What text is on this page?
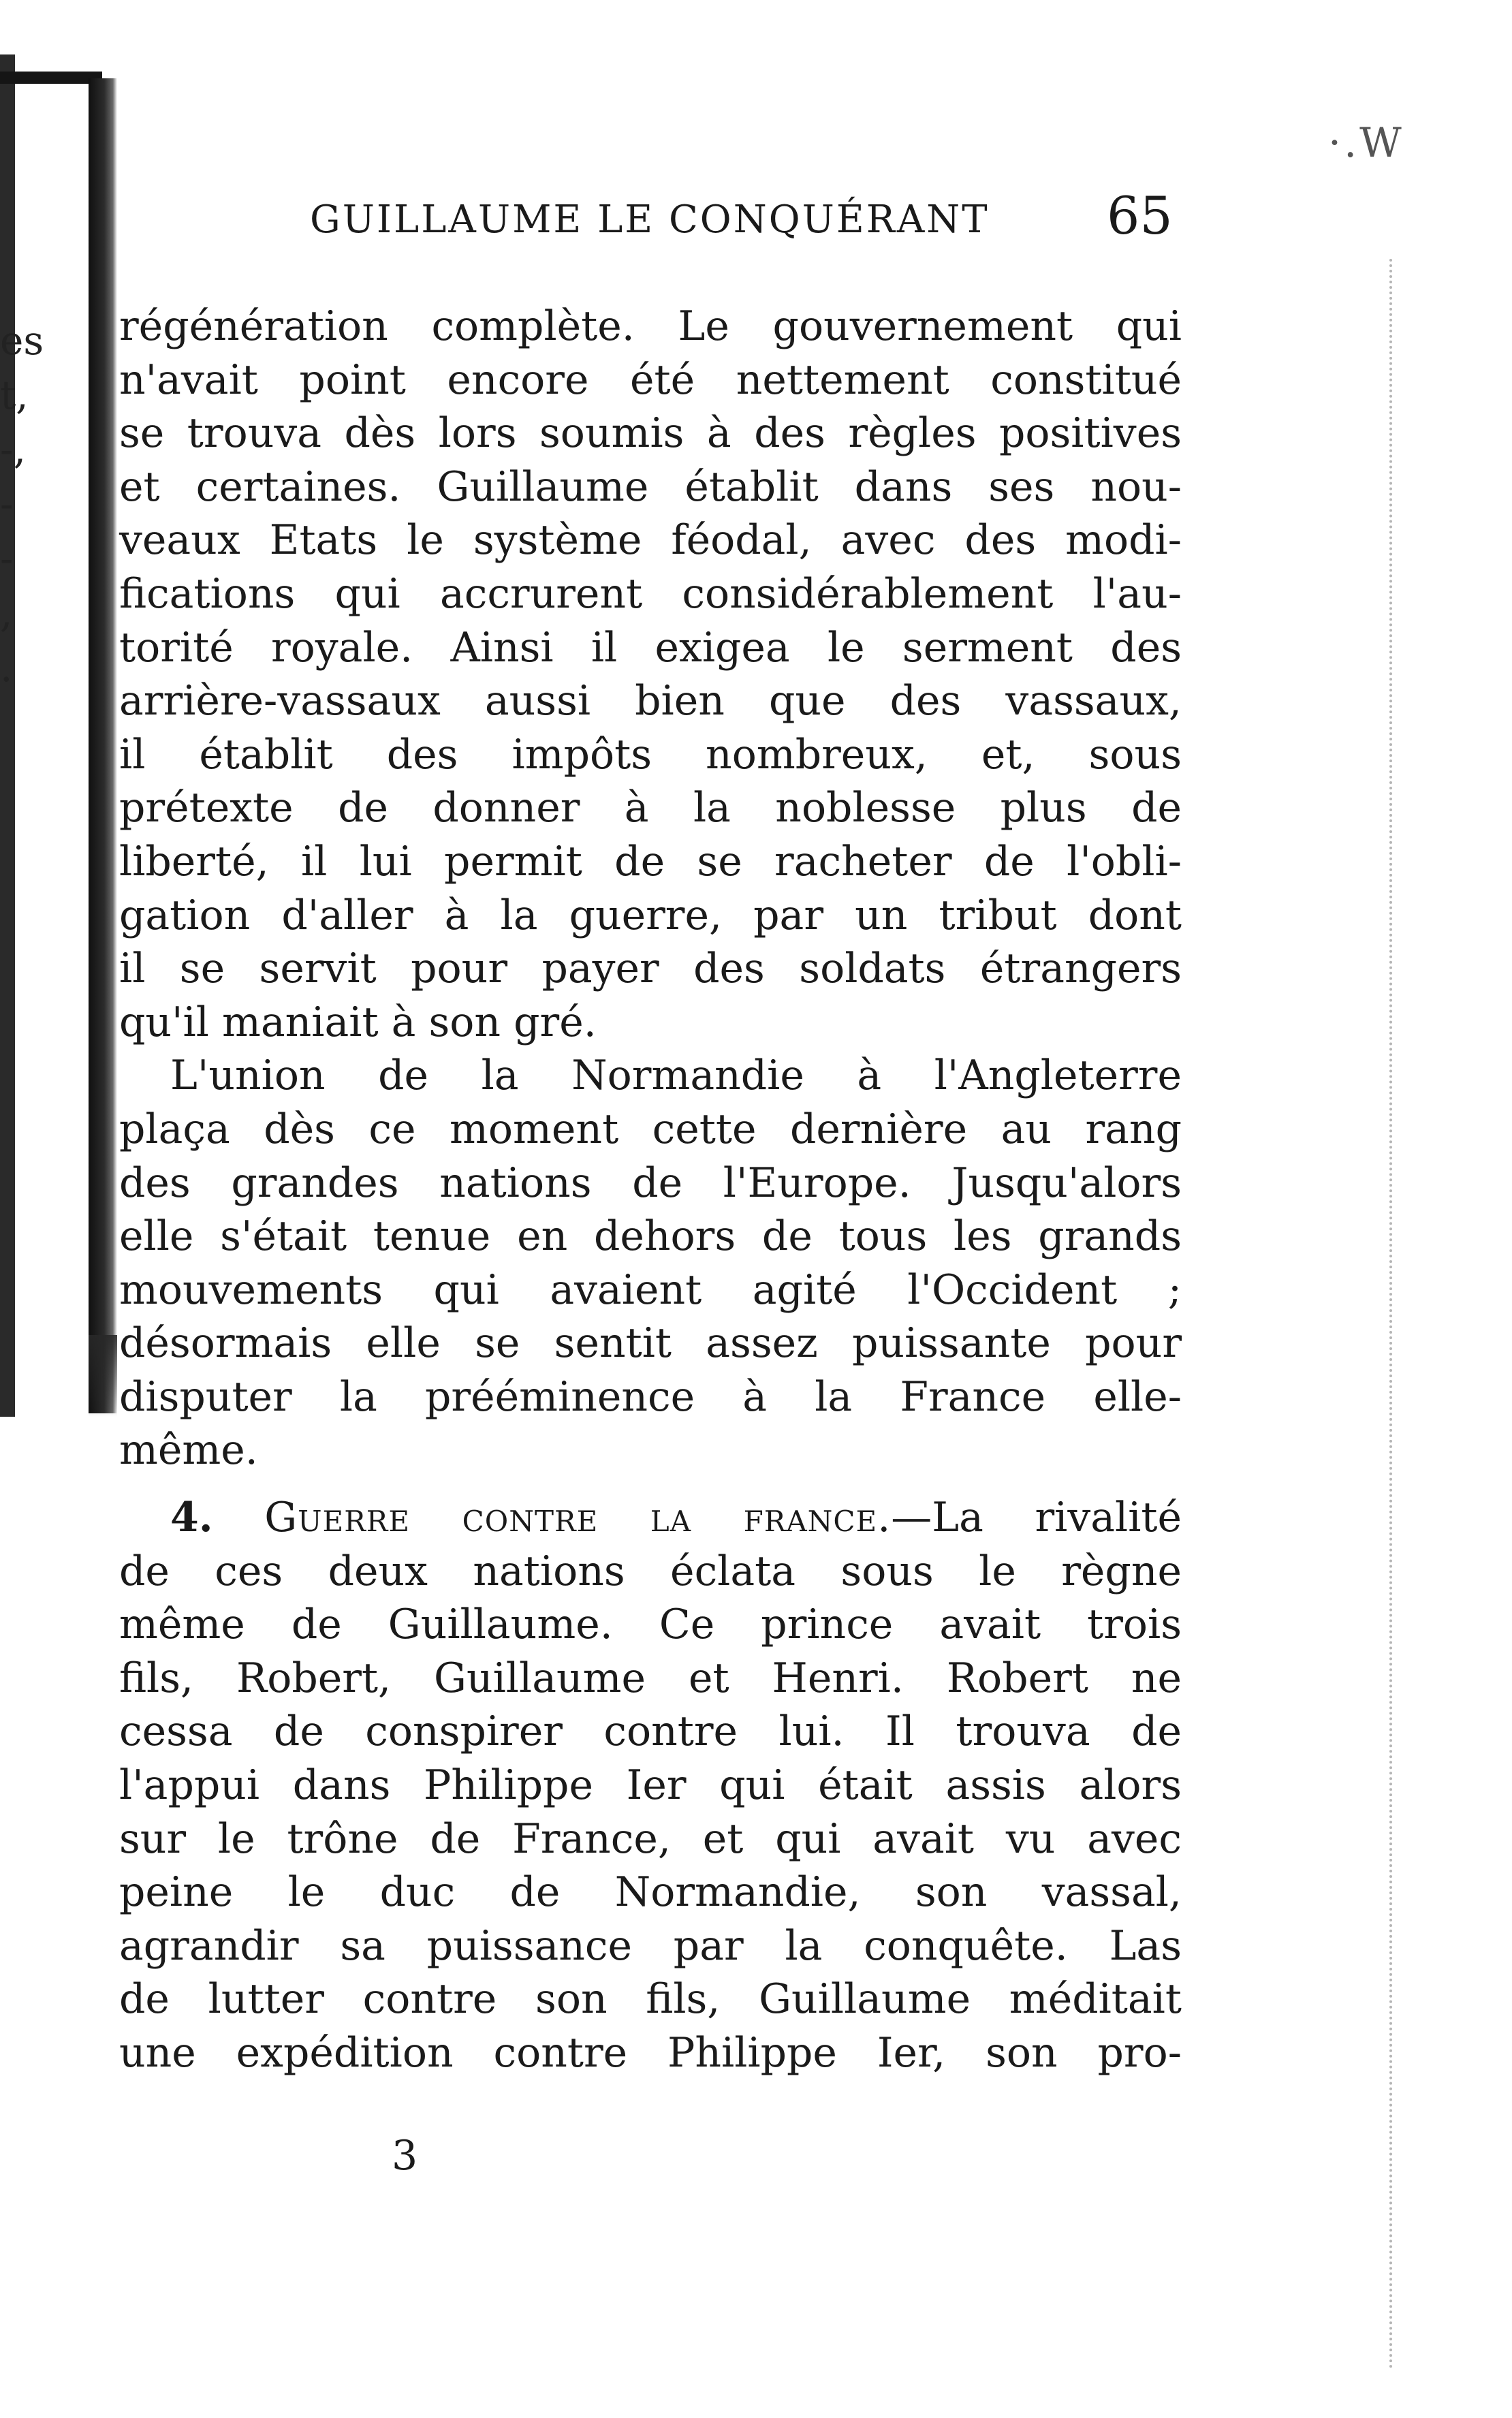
·.W
es
t,
-,
-
-
,
.
GUILLAUME LE CONQUÉRANT 65
régénération complète. Le gouvernement qui
n'avait point encore été nettement constitué
se trouva dès lors soumis à des règles positives
et certaines. Guillaume établit dans ses nou-
veaux Etats le système féodal, avec des modi-
fications qui accrurent considérablement l'au-
torité royale. Ainsi il exigea le serment des
arrière-vassaux aussi bien que des vassaux,
il établit des impôts nombreux, et, sous
prétexte de donner à la noblesse plus de
liberté, il lui permit de se racheter de l'obli-
gation d'aller à la guerre, par un tribut dont
il se servit pour payer des soldats étrangers
qu'il maniait à son gré.
L'union de la Normandie à l'Angleterre
plaça dès ce moment cette dernière au rang
des grandes nations de l'Europe. Jusqu'alors
elle s'était tenue en dehors de tous les grands
mouvements qui avaient agité l'Occident ;
désormais elle se sentit assez puissante pour
disputer la prééminence à la France elle-
même.
4. Guerre contre la france.—La rivalité
de ces deux nations éclata sous le règne
même de Guillaume. Ce prince avait trois
fils, Robert, Guillaume et Henri. Robert ne
cessa de conspirer contre lui. Il trouva de
l'appui dans Philippe Ier qui était assis alors
sur le trône de France, et qui avait vu avec
peine le duc de Normandie, son vassal,
agrandir sa puissance par la conquête. Las
de lutter contre son fils, Guillaume méditait
une expédition contre Philippe Ier, son pro-
3
